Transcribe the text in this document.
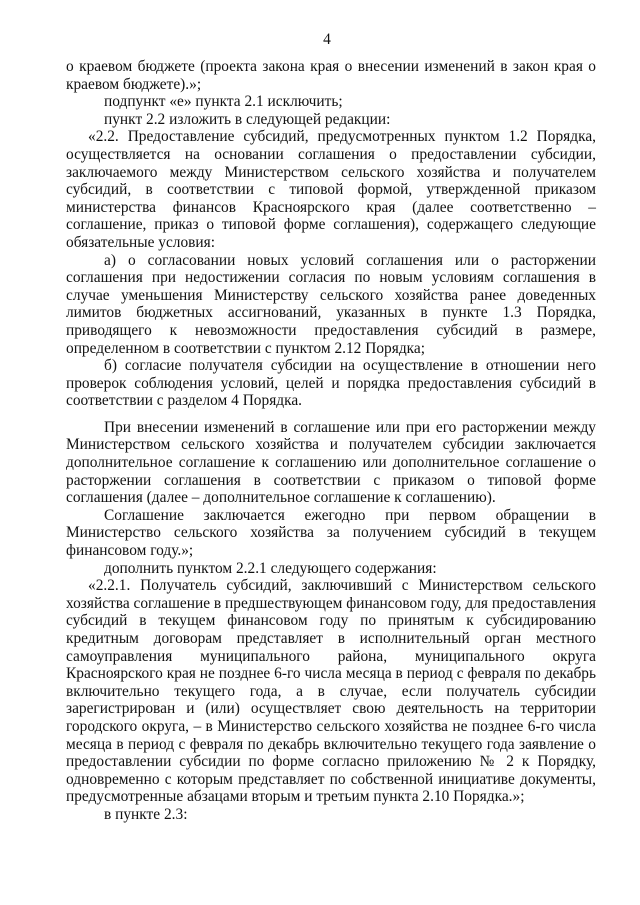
4

о краевом бюджете (проекта закона края о внесении изменений в закон края о краевом бюджете).»;

подпункт «е» пункта 2.1 исключить;

пункт 2.2 изложить в следующей редакции:

«2.2. Предоставление субсидий, предусмотренных пунктом 1.2 Порядка, осуществляется на основании соглашения о предоставлении субсидии, заключаемого между Министерством сельского хозяйства и получателем субсидий, в соответствии с типовой формой, утвержденной приказом министерства финансов Красноярского края (далее соответственно – соглашение, приказ о типовой форме соглашения), содержащего следующие обязательные условия:

а) о согласовании новых условий соглашения или о расторжении соглашения при недостижении согласия по новым условиям соглашения в случае уменьшения Министерству сельского хозяйства ранее доведенных лимитов бюджетных ассигнований, указанных в пункте 1.3 Порядка, приводящего к невозможности предоставления субсидий в размере, определенном в соответствии с пунктом 2.12 Порядка;

б) согласие получателя субсидии на осуществление в отношении него проверок соблюдения условий, целей и порядка предоставления субсидий в соответствии с разделом 4 Порядка.

При внесении изменений в соглашение или при его расторжении между Министерством сельского хозяйства и получателем субсидии заключается дополнительное соглашение к соглашению или дополнительное соглашение о расторжении соглашения в соответствии с приказом о типовой форме соглашения (далее – дополнительное соглашение к соглашению).

Соглашение заключается ежегодно при первом обращении в Министерство сельского хозяйства за получением субсидий в текущем финансовом году.»;

дополнить пунктом 2.2.1 следующего содержания:

«2.2.1. Получатель субсидий, заключивший с Министерством сельского хозяйства соглашение в предшествующем финансовом году, для предоставления субсидий в текущем финансовом году по принятым к субсидированию кредитным договорам представляет в исполнительный орган местного самоуправления муниципального района, муниципального округа Красноярского края не позднее 6-го числа месяца в период с февраля по декабрь включительно текущего года, а в случае, если получатель субсидии зарегистрирован и (или) осуществляет свою деятельность на территории городского округа, – в Министерство сельского хозяйства не позднее 6-го числа месяца в период с февраля по декабрь включительно текущего года заявление о предоставлении субсидии по форме согласно приложению № 2 к Порядку, одновременно с которым представляет по собственной инициативе документы, предусмотренные абзацами вторым и третьим пункта 2.10 Порядка.»;

в пункте 2.3:
